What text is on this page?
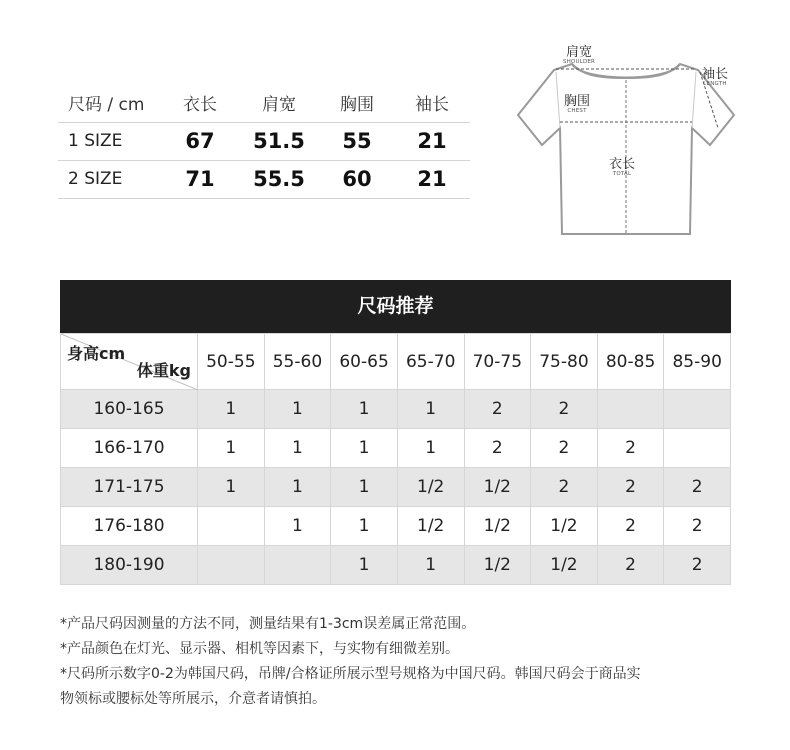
尺码 / cm	衣长	肩宽	胸围	袖长
1 SIZE	67	51.5	55	21
2 SIZE	71	55.5	60	21
肩宽
SHOULDER
袖长
LENGTH
胸围
CHEST
衣长
TOTAL
尺码推荐
身高cm
体重kg	50-55	55-60	60-65	65-70	70-75	75-80	80-85	85-90
160-165	1	1	1	1	2	2		
166-170	1	1	1	1	2	2	2	
171-175	1	1	1	1/2	1/2	2	2	2
176-180		1	1	1/2	1/2	1/2	2	2
180-190			1	1	1/2	1/2	2	2

*产品尺码因测量的方法不同，测量结果有1-3cm误差属正常范围。

*产品颜色在灯光、显示器、相机等因素下，与实物有细微差别。

*尺码所示数字0-2为韩国尺码，吊牌/合格证所展示型号规格为中国尺码。韩国尺码会于商品实

物领标或腰标处等所展示，介意者请慎拍。
